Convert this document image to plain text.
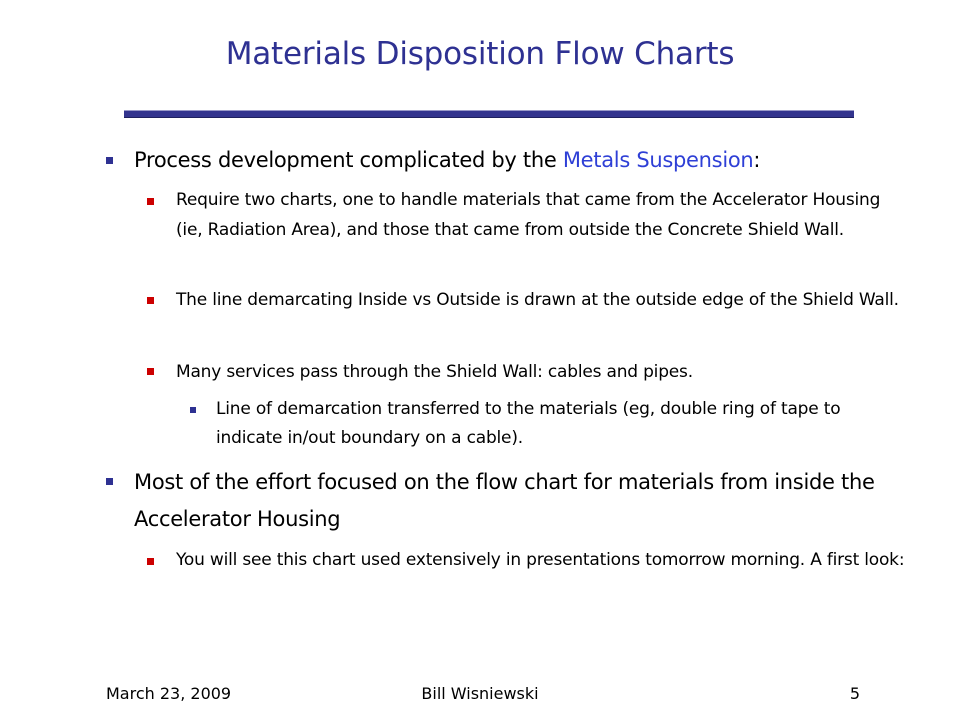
Materials Disposition Flow Charts

Process development complicated by the Metals Suspension:

Require two charts, one to handle materials that came from the Accelerator Housing (ie, Radiation Area), and those that came from outside the Concrete Shield Wall.

The line demarcating Inside vs Outside is drawn at the outside edge of the Shield Wall.

Many services pass through the Shield Wall: cables and pipes.

Line of demarcation transferred to the materials (eg, double ring of tape to indicate in/out boundary on a cable).

Most of the effort focused on the flow chart for materials from inside the Accelerator Housing

You will see this chart used extensively in presentations tomorrow morning. A first look:

March 23, 2009	Bill Wisniewski	5
